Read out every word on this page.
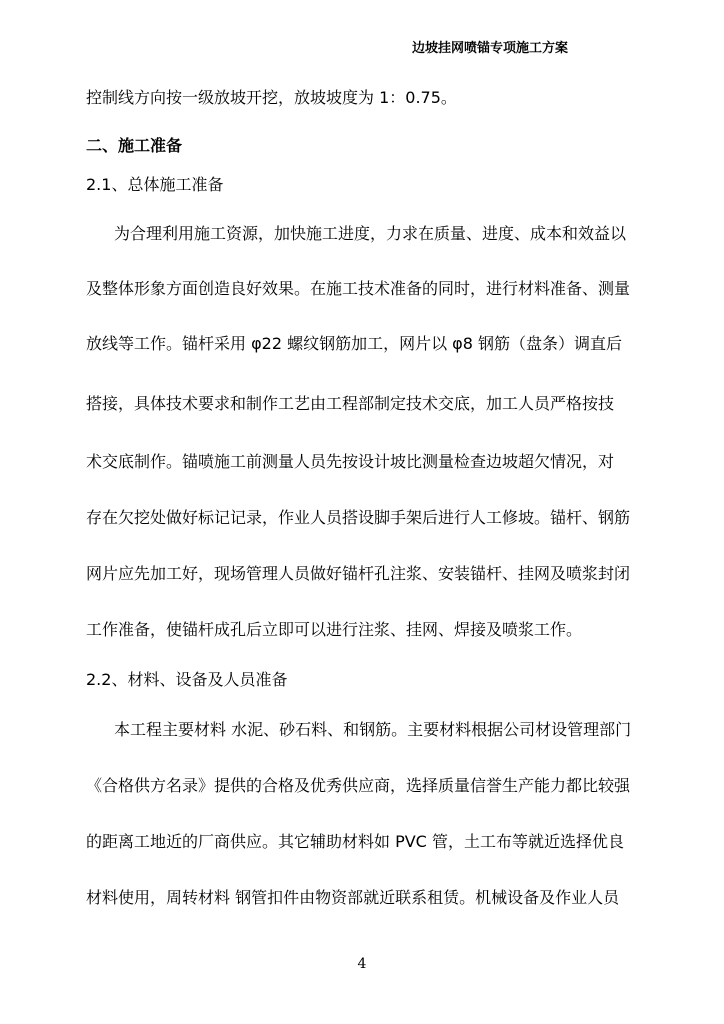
边坡挂网喷锚专项施工方案
控制线方向按一级放坡开挖，放坡坡度为 1：0.75。
二、施工准备
2.1、总体施工准备
为合理利用施工资源，加快施工进度，力求在质量、进度、成本和效益以
及整体形象方面创造良好效果。在施工技术准备的同时，进行材料准备、测量
放线等工作。锚杆采用 φ22 螺纹钢筋加工，网片以 φ8 钢筋（盘条）调直后
搭接，具体技术要求和制作工艺由工程部制定技术交底，加工人员严格按技
术交底制作。锚喷施工前测量人员先按设计坡比测量检查边坡超欠情况，对
存在欠挖处做好标记记录，作业人员搭设脚手架后进行人工修坡。锚杆、钢筋
网片应先加工好，现场管理人员做好锚杆孔注浆、安装锚杆、挂网及喷浆封闭
工作准备，使锚杆成孔后立即可以进行注浆、挂网、焊接及喷浆工作。
2.2、材料、设备及人员准备
本工程主要材料 水泥、砂石料、和钢筋。主要材料根据公司材设管理部门
《合格供方名录》提供的合格及优秀供应商，选择质量信誉生产能力都比较强
的距离工地近的厂商供应。其它辅助材料如 PVC 管，土工布等就近选择优良
材料使用，周转材料 钢管扣件由物资部就近联系租赁。机械设备及作业人员
4
